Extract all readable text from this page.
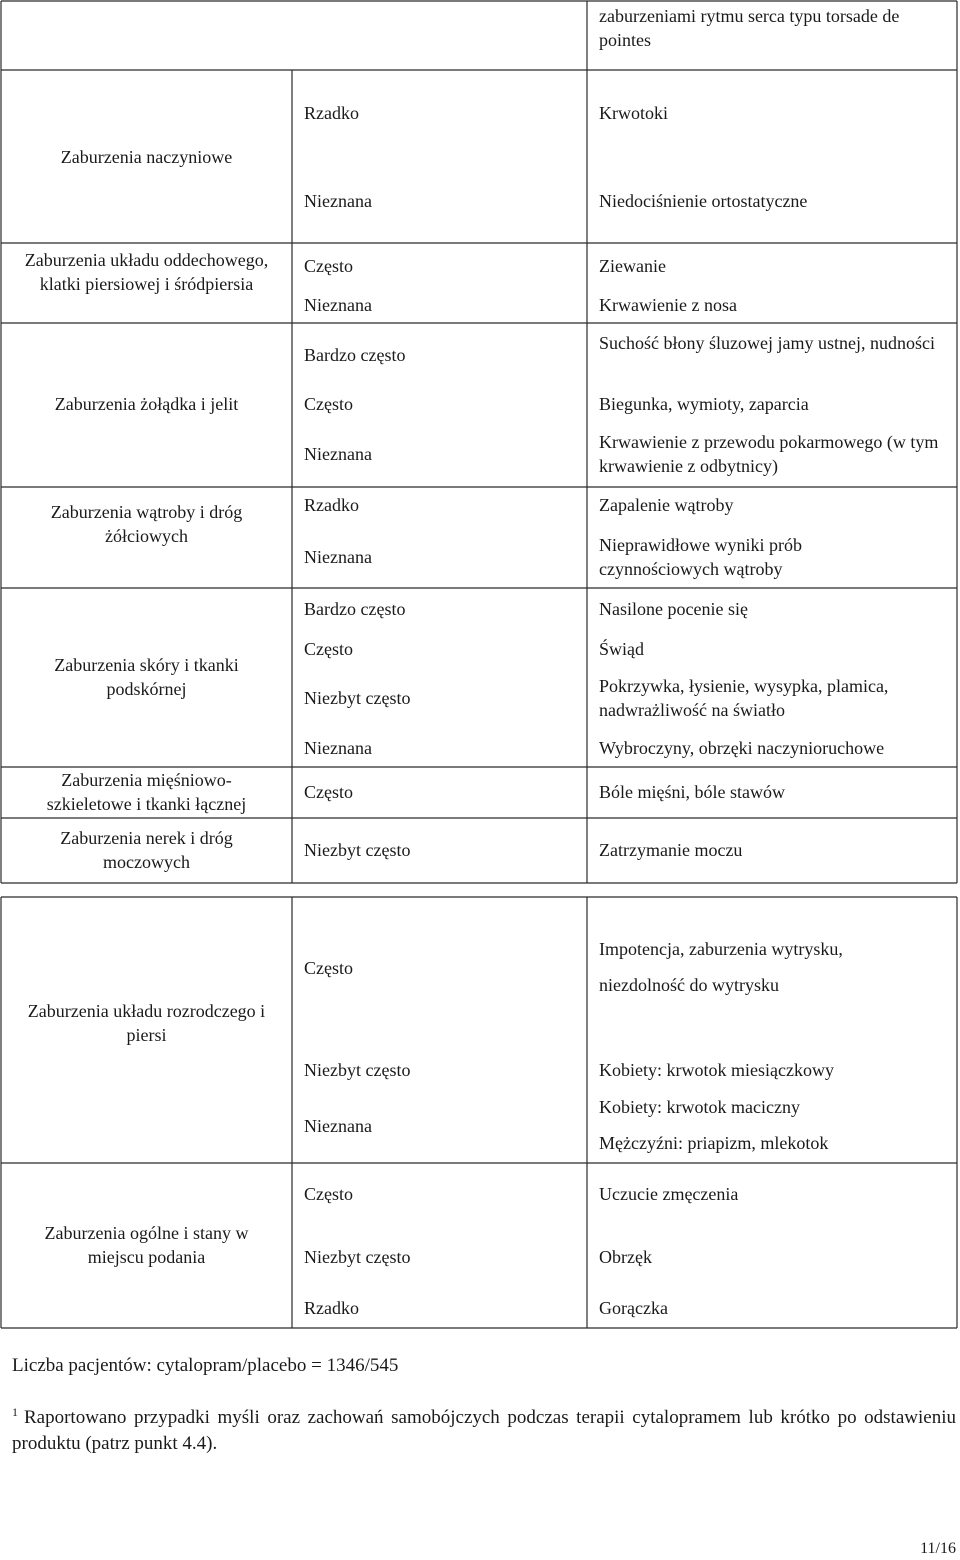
zaburzeniami rytmu serca typu torsade de pointes
Zaburzenia naczyniowe
Rzadko
Nieznana
Krwotoki
Niedociśnienie ortostatyczne
Zaburzenia układu oddechowego, klatki piersiowej i śródpiersia
Często
Nieznana
Ziewanie
Krwawienie z nosa
Zaburzenia żołądka i jelit
Bardzo często
Często
Nieznana
Suchość błony śluzowej jamy ustnej, nudności
Biegunka, wymioty, zaparcia
Krwawienie z przewodu pokarmowego (w tym krwawienie z odbytnicy)
Zaburzenia wątroby i dróg żółciowych
Rzadko
Nieznana
Zapalenie wątroby
Nieprawidłowe wyniki prób czynnościowych wątroby
Zaburzenia skóry i tkanki podskórnej
Bardzo często
Często
Niezbyt często
Nieznana
Nasilone pocenie się
Świąd
Pokrzywka, łysienie, wysypka, plamica, nadwrażliwość na światło
Wybroczyny, obrzęki naczynioruchowe
Zaburzenia mięśniowo-szkieletowe i tkanki łącznej
Często	Bóle mięśni, bóle stawów
Zaburzenia nerek i dróg moczowych
Niezbyt często	Zatrzymanie moczu
Zaburzenia układu rozrodczego i piersi
Często
Niezbyt często
Nieznana
Impotencja, zaburzenia wytrysku,
niezdolność do wytrysku
Kobiety: krwotok miesiączkowy
Kobiety: krwotok maciczny
Mężczyźni: priapizm, mlekotok
Zaburzenia ogólne i stany w miejscu podania
Często
Niezbyt często
Rzadko
Uczucie zmęczenia
Obrzęk
Gorączka
Liczba pacjentów: cytalopram/placebo = 1346/545
$^1$ Raportowano przypadki myśli oraz zachowań samobójczych podczas terapii cytalopramem lub krótko po odstawieniu produktu (patrz punkt 4.4).
11/16
